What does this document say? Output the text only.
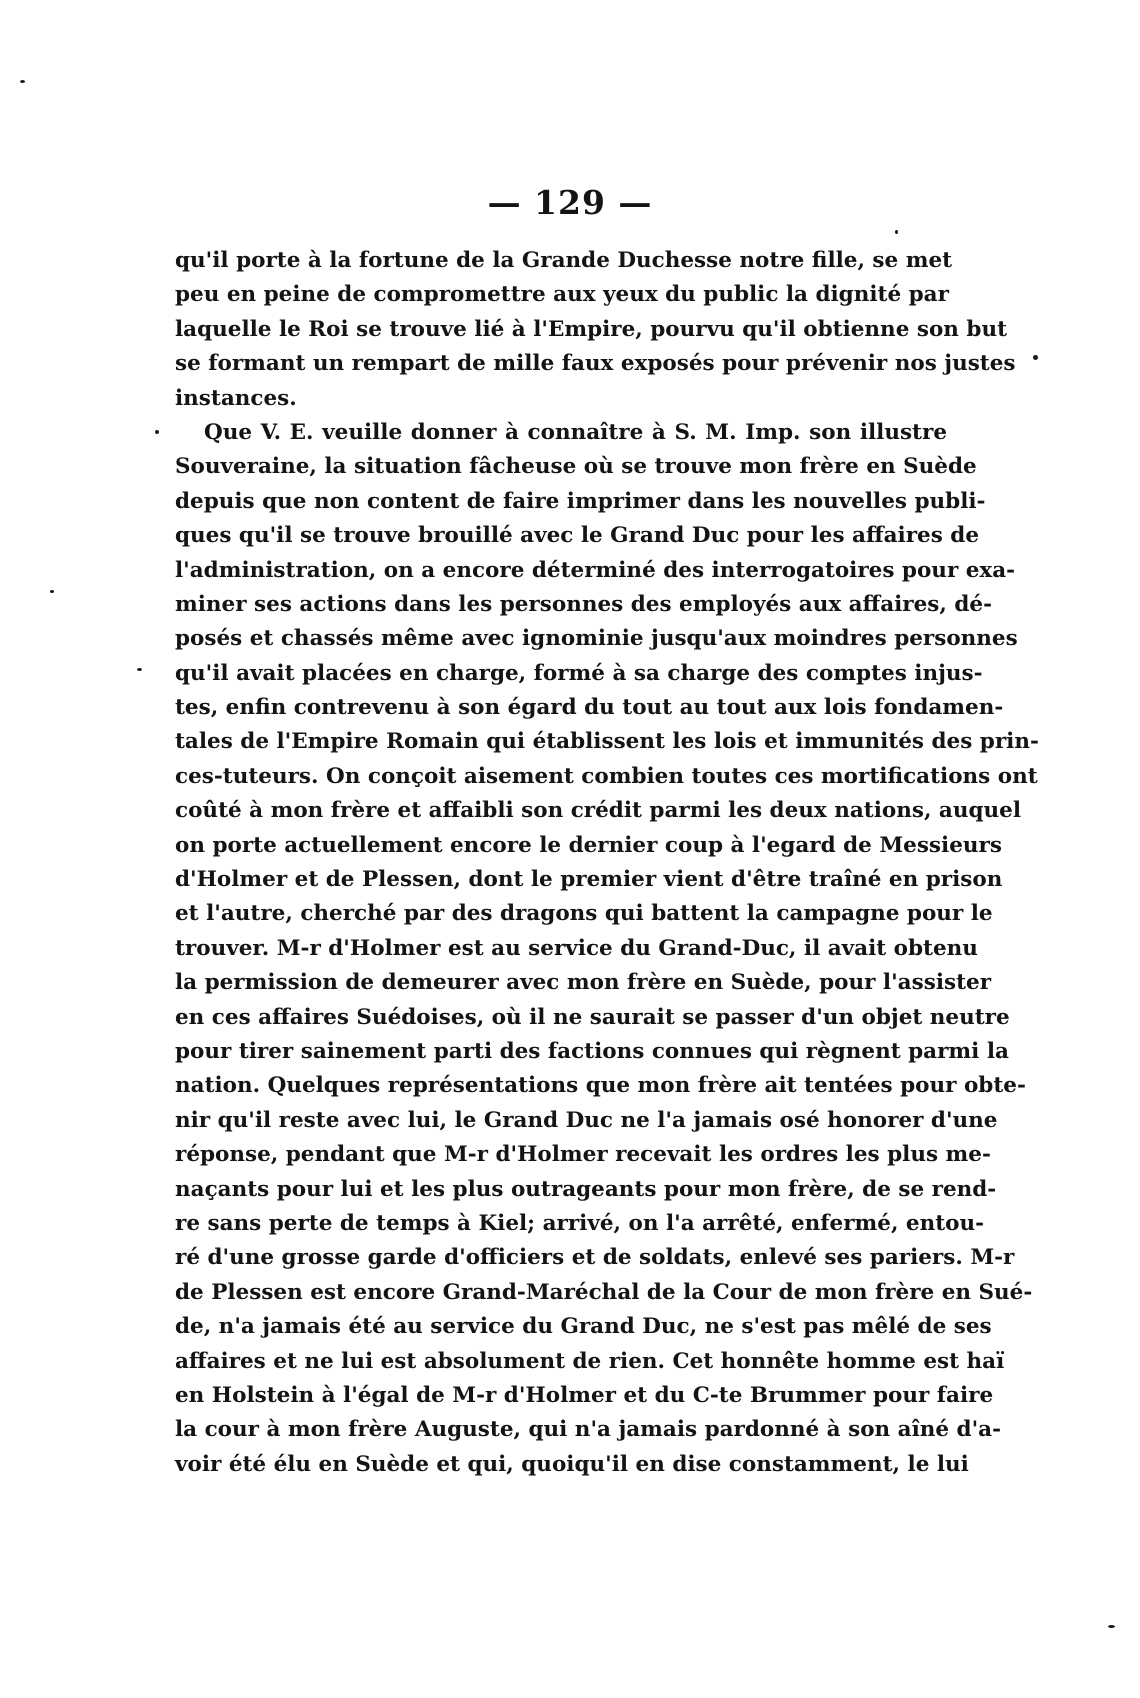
— 129 —
qu'il porte à la fortune de la Grande Duchesse notre fille, se met
peu en peine de compromettre aux yeux du public la dignité par
laquelle le Roi se trouve lié à l'Empire, pourvu qu'il obtienne son but
se formant un rempart de mille faux exposés pour prévenir nos justes
instances.
Que V. E. veuille donner à connaître à S. M. Imp. son illustre
Souveraine, la situation fâcheuse où se trouve mon frère en Suède
depuis que non content de faire imprimer dans les nouvelles publi-
ques qu'il se trouve brouillé avec le Grand Duc pour les affaires de
l'administration, on a encore déterminé des interrogatoires pour exa-
miner ses actions dans les personnes des employés aux affaires, dé-
posés et chassés même avec ignominie jusqu'aux moindres personnes
qu'il avait placées en charge, formé à sa charge des comptes injus-
tes, enfin contrevenu à son égard du tout au tout aux lois fondamen-
tales de l'Empire Romain qui établissent les lois et immunités des prin-
ces-tuteurs. On conçoit aisement combien toutes ces mortifications ont
coûté à mon frère et affaibli son crédit parmi les deux nations, auquel
on porte actuellement encore le dernier coup à l'egard de Messieurs
d'Holmer et de Plessen, dont le premier vient d'être traîné en prison
et l'autre, cherché par des dragons qui battent la campagne pour le
trouver. M-r d'Holmer est au service du Grand-Duc, il avait obtenu
la permission de demeurer avec mon frère en Suède, pour l'assister
en ces affaires Suédoises, où il ne saurait se passer d'un objet neutre
pour tirer sainement parti des factions connues qui règnent parmi la
nation. Quelques représentations que mon frère ait tentées pour obte-
nir qu'il reste avec lui, le Grand Duc ne l'a jamais osé honorer d'une
réponse, pendant que M-r d'Holmer recevait les ordres les plus me-
naçants pour lui et les plus outrageants pour mon frère, de se rend-
re sans perte de temps à Kiel; arrivé, on l'a arrêté, enfermé, entou-
ré d'une grosse garde d'officiers et de soldats, enlevé ses pariers. M-r
de Plessen est encore Grand-Maréchal de la Cour de mon frère en Sué-
de, n'a jamais été au service du Grand Duc, ne s'est pas mêlé de ses
affaires et ne lui est absolument de rien. Cet honnête homme est haï
en Holstein à l'égal de M-r d'Holmer et du C-te Brummer pour faire
la cour à mon frère Auguste, qui n'a jamais pardonné à son aîné d'a-
voir été élu en Suède et qui, quoiqu'il en dise constamment, le lui
